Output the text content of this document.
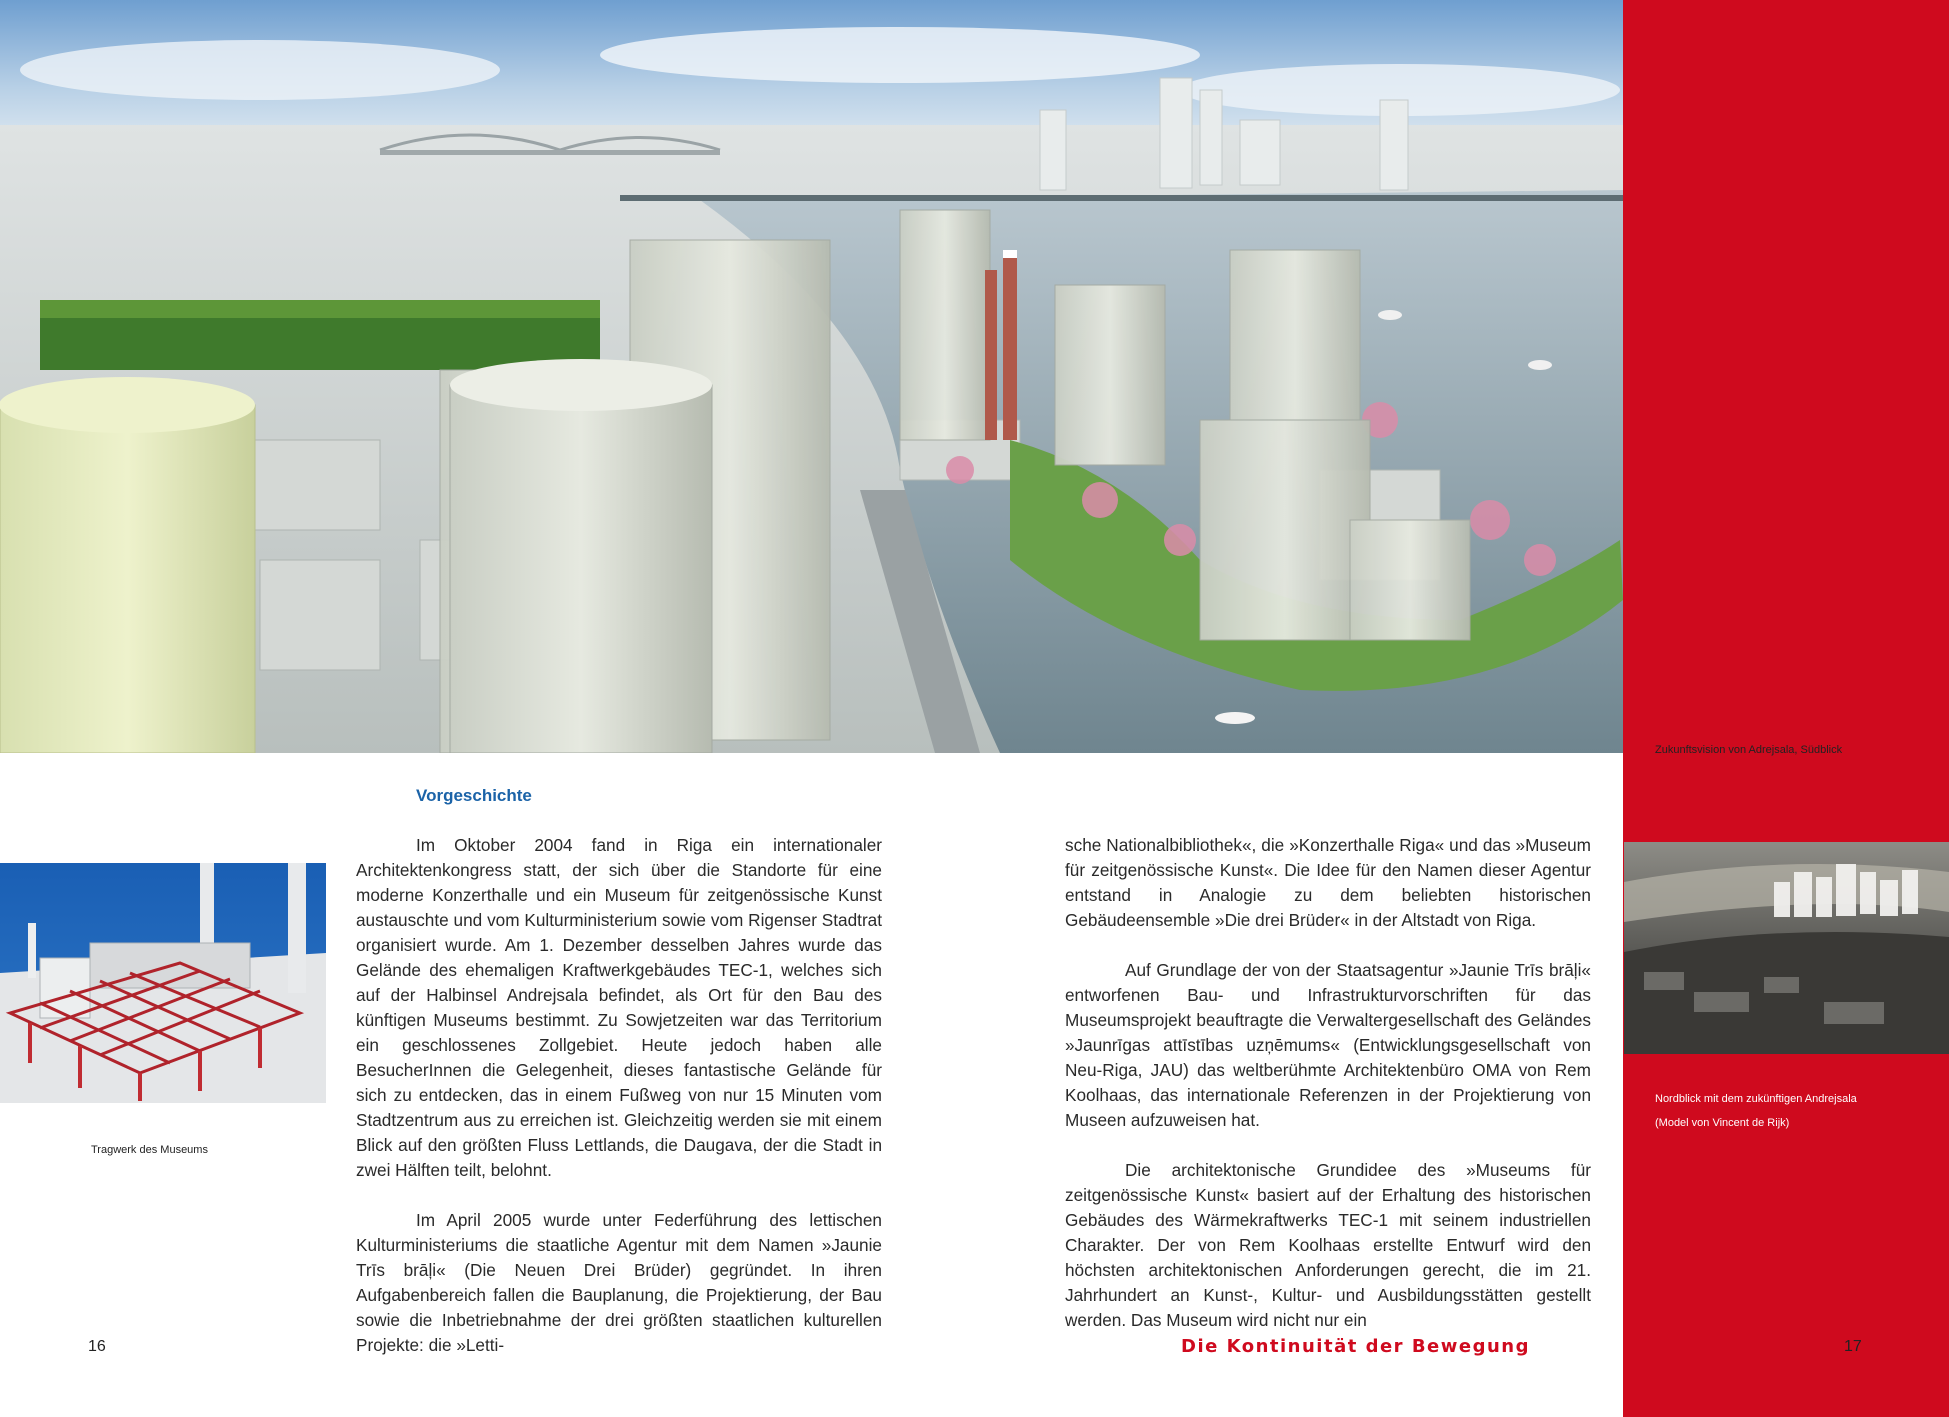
Zukunftsvision von Adrejsala, Südblick
Tragwerk des Museums
Nordblick mit dem zukünftigen Andrejsala
(Model von Vincent de Rijk)
Vorgeschichte

Im Oktober 2004 fand in Riga ein internationaler Architektenkongress statt, der sich über die Standorte für eine moderne Konzerthalle und ein Museum für zeitgenössische Kunst austauschte und vom Kulturministerium sowie vom Rigenser Stadtrat organisiert wurde. Am 1. Dezember desselben Jahres wurde das Gelände des ehemaligen Kraftwerkgebäudes TEC-1, welches sich auf der Halbinsel Andrejsala befindet, als Ort für den Bau des künftigen Museums bestimmt. Zu Sowjetzeiten war das Territorium ein geschlossenes Zollgebiet. Heute jedoch haben alle BesucherInnen die Gelegenheit, dieses fantastische Gelände für sich zu entdecken, das in einem Fußweg von nur 15 Minuten vom Stadtzentrum aus zu erreichen ist. Gleichzeitig werden sie mit einem Blick auf den größten Fluss Lettlands, die Daugava, der die Stadt in zwei Hälften teilt, belohnt.

Im April 2005 wurde unter Federführung des lettischen Kulturministeriums die staatliche Agentur mit dem Namen »Jaunie Trīs brāļi« (Die Neuen Drei Brüder) gegründet. In ihren Aufgabenbereich fallen die Bauplanung, die Projektierung, der Bau sowie die Inbetriebnahme der drei größten staatlichen kulturellen Projekte: die »Letti-

sche Nationalbibliothek«, die »Konzerthalle Riga« und das »Museum für zeitgenössische Kunst«. Die Idee für den Namen dieser Agentur entstand in Analogie zu dem beliebten historischen Gebäudeensemble »Die drei Brüder« in der Altstadt von Riga.

Auf Grundlage der von der Staatsagentur »Jaunie Trīs brāļi« entworfenen Bau- und Infrastrukturvorschriften für das Museumsprojekt beauftragte die Verwaltergesellschaft des Geländes »Jaunrīgas attīstības uzņēmums« (Entwicklungsgesellschaft von Neu-Riga, JAU) das weltberühmte Architektenbüro OMA von Rem Koolhaas, das internationale Referenzen in der Projektierung von Museen aufzuweisen hat.

Die architektonische Grundidee des »Museums für zeitgenössische Kunst« basiert auf der Erhaltung des historischen Gebäudes des Wärmekraftwerks TEC-1 mit seinem industriellen Charakter. Der von Rem Koolhaas erstellte Entwurf wird den höchsten architektonischen Anforderungen gerecht, die im 21. Jahrhundert an Kunst-, Kultur- und Ausbildungsstätten gestellt werden. Das Museum wird nicht nur ein

16	Die Kontinuität der Bewegung	17
